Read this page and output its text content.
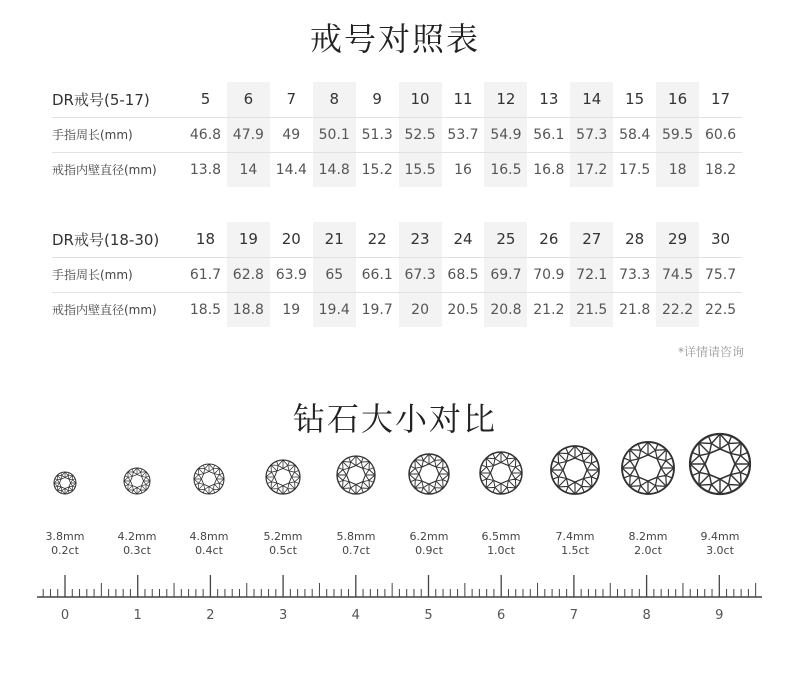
戒号对照表
DR戒号(5-17)	5	6	7	8	9	10	11	12	13	14	15	16	17
手指周长(mm)	46.8	47.9	49	50.1	51.3	52.5	53.7	54.9	56.1	57.3	58.4	59.5	60.6
戒指内壁直径(mm)	13.8	14	14.4	14.8	15.2	15.5	16	16.5	16.8	17.2	17.5	18	18.2
DR戒号(18-30)	18	19	20	21	22	23	24	25	26	27	28	29	30
手指周长(mm)	61.7	62.8	63.9	65	66.1	67.3	68.5	69.7	70.9	72.1	73.3	74.5	75.7
戒指内壁直径(mm)	18.5	18.8	19	19.4	19.7	20	20.5	20.8	21.2	21.5	21.8	22.2	22.5
*详情请咨询
钻石大小对比
3.8mm
0.2ct
4.2mm
0.3ct
4.8mm
0.4ct
5.2mm
0.5ct
5.8mm
0.7ct
6.2mm
0.9ct
6.5mm
1.0ct
7.4mm
1.5ct
8.2mm
2.0ct
9.4mm
3.0ct
0	1	2	3	4	5	6	7	8	9
